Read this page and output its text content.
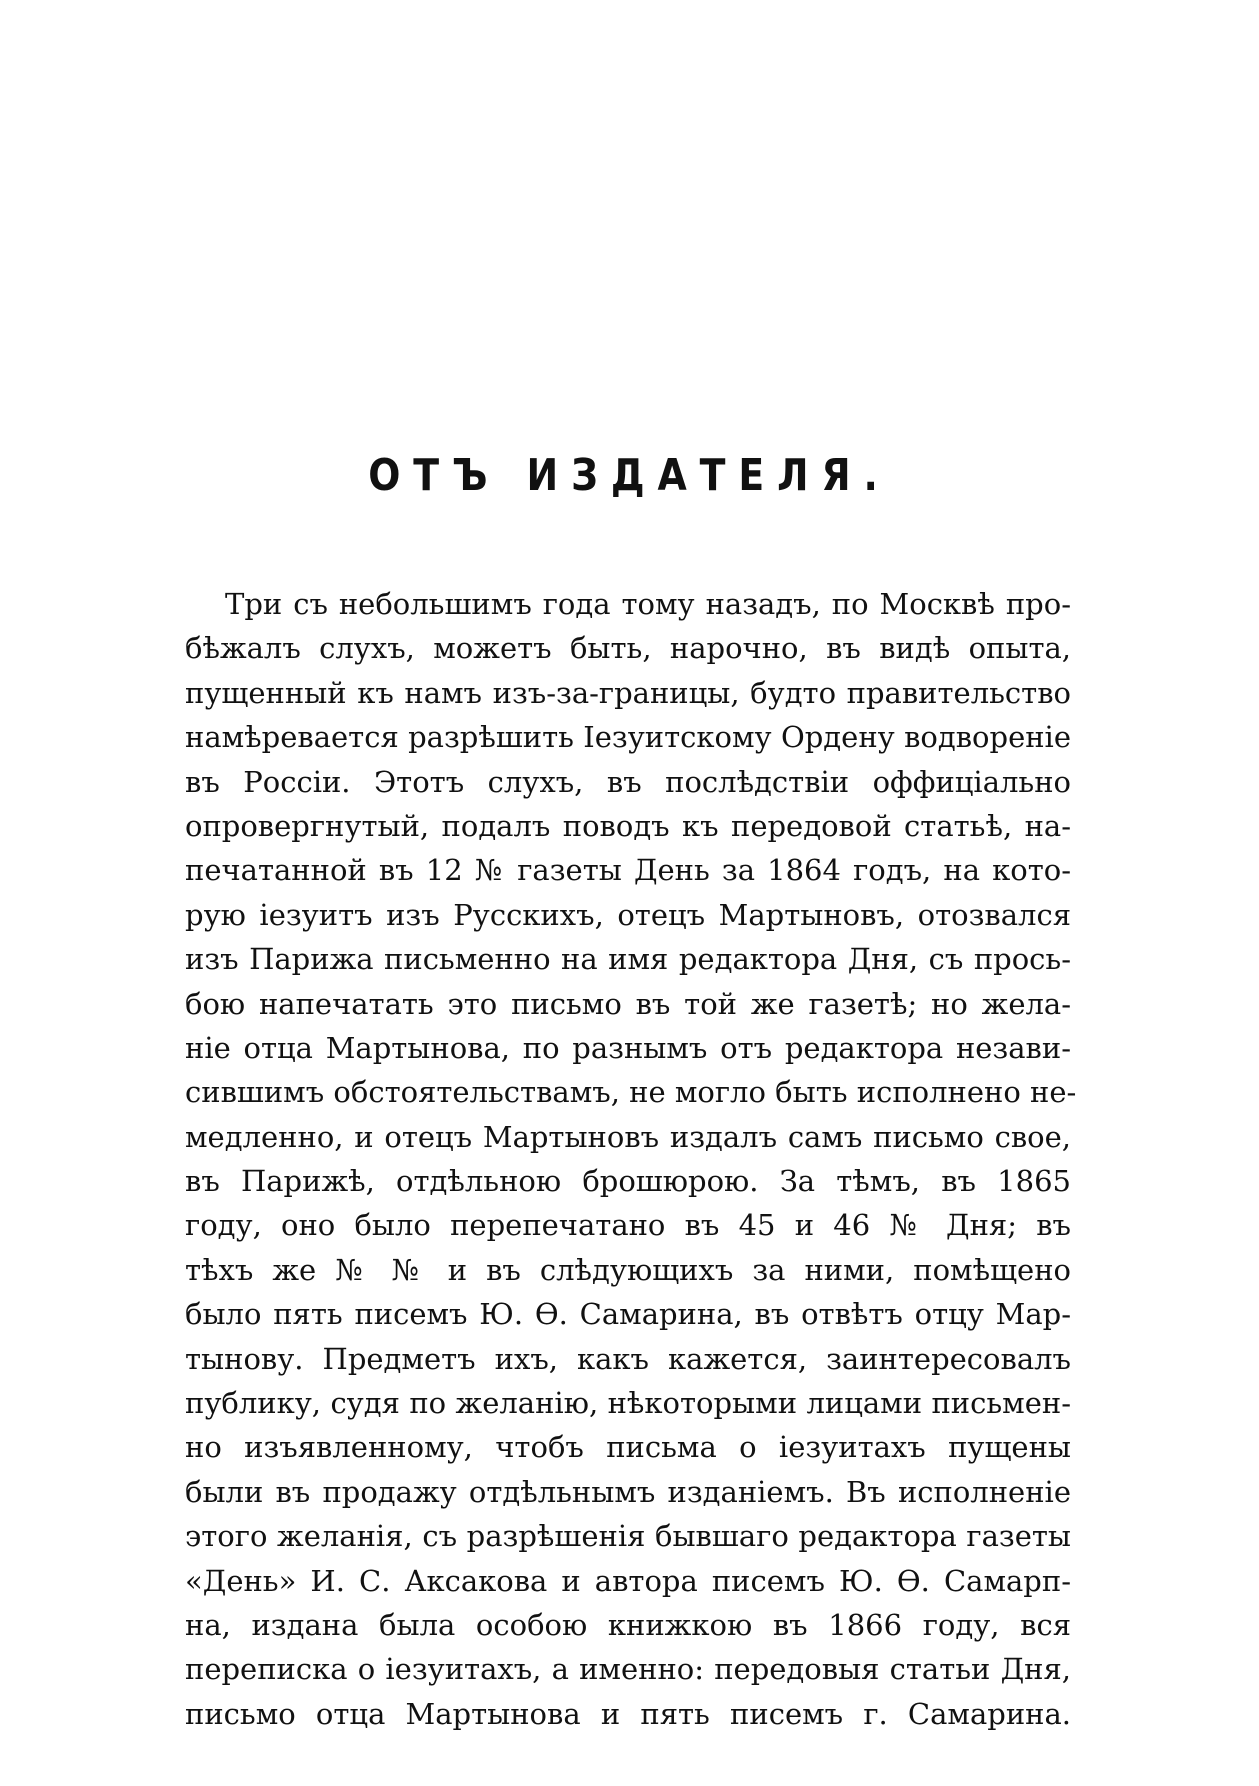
ОТЪ ИЗДАТЕЛЯ.
Три съ небольшимъ года тому назадъ, по Москвѣ про-
бѣжалъ слухъ, можетъ быть, нарочно, въ видѣ опыта,
пущенный къ намъ изъ-за-границы, будто правительство
намѣревается разрѣшить Іезуитскому Ордену водвореніе
въ Россіи. Этотъ слухъ, въ послѣдствіи оффиціально
опровергнутый, подалъ поводъ къ передовой статьѣ, на-
печатанной въ 12 № газеты День за 1864 годъ, на кото-
рую іезуитъ изъ Русскихъ, отецъ Мартыновъ, отозвался
изъ Парижа письменно на имя редактора Дня, съ прось-
бою напечатать это письмо въ той же газетѣ; но жела-
ніе отца Мартынова, по разнымъ отъ редактора незави-
сившимъ обстоятельствамъ, не могло быть исполнено не-
медленно, и отецъ Мартыновъ издалъ самъ письмо свое,
въ Парижѣ, отдѣльною брошюрою. За тѣмъ, въ 1865
году, оно было перепечатано въ 45 и 46 № Дня; въ
тѣхъ же № № и въ слѣдующихъ за ними, помѣщено
было пять писемъ Ю. Ѳ. Самарина, въ отвѣтъ отцу Мар-
тынову. Предметъ ихъ, какъ кажется, заинтересовалъ
публику, судя по желанію, нѣкоторыми лицами письмен-
но изъявленному, чтобъ письма о іезуитахъ пущены
были въ продажу отдѣльнымъ изданіемъ. Въ исполненіе
этого желанія, съ разрѣшенія бывшаго редактора газеты
«День» И. С. Аксакова и автора писемъ Ю. Ѳ. Самарп-
на, издана была особою книжкою въ 1866 году, вся
переписка о іезуитахъ, а именно: передовыя статьи Дня,
письмо отца Мартынова и пять писемъ г. Самарина.
